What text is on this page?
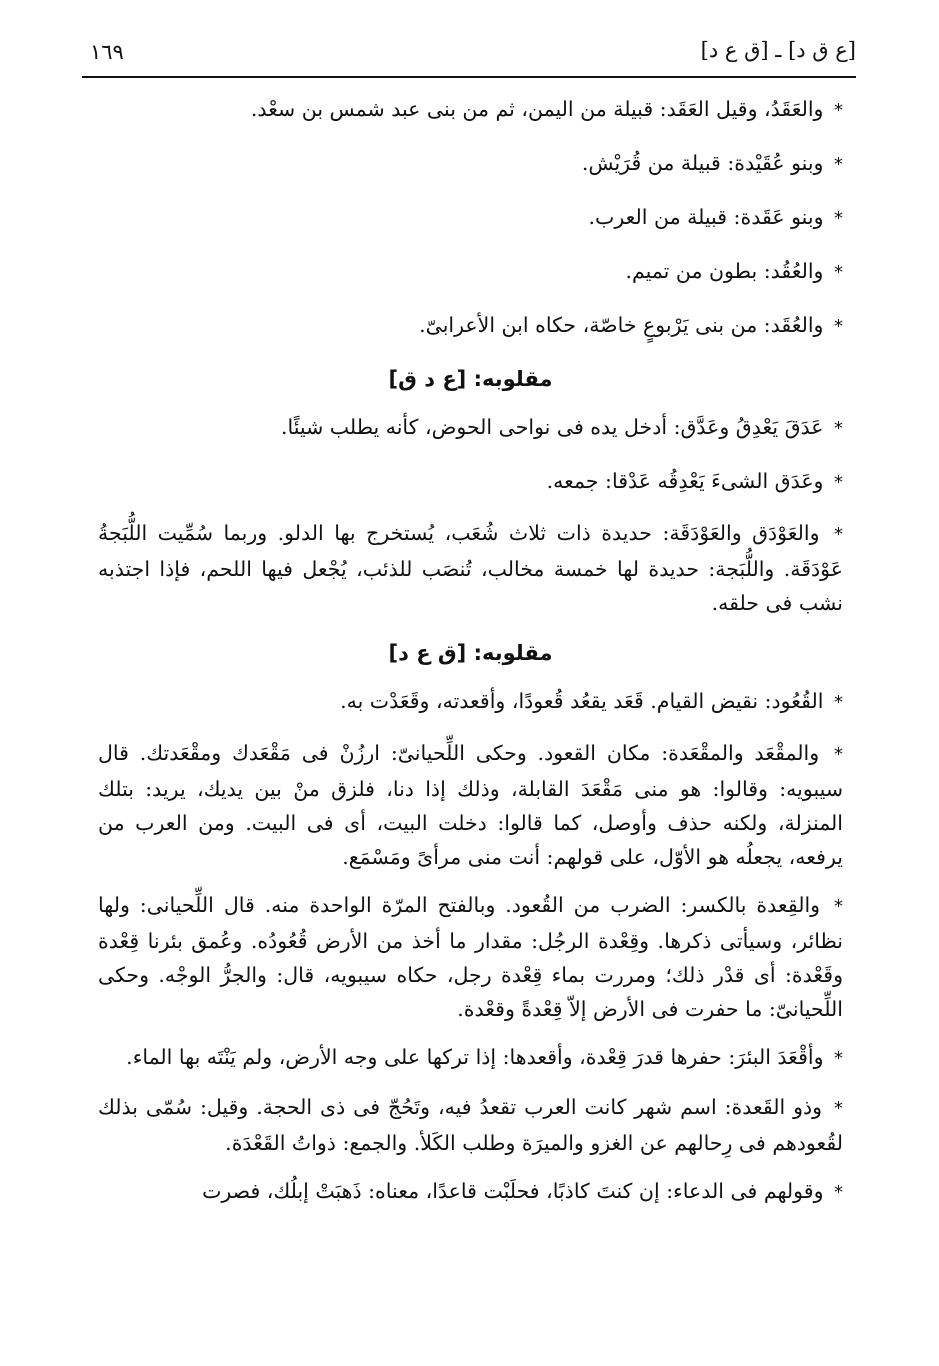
[ع ق د] ـ [ق ع د]
١٦٩

* والعَقَدُ، وقيل العَقَد: قبيلة من اليمن، ثم من بنى عبد شمس بن سعْد.

* وبنو عُقَيْدة: قبيلة من قُرَيْش.

* وبنو عَقَدة: قبيلة من العرب.

* والعُقُد: بطون من تميم.

* والعُقَد: من بنى يَرْبوعٍ خاصّة، حكاه ابن الأعرابىّ.

مقلوبه: [ع د ق]

* عَدَقَ يَعْدِقُ وعَدَّق: أدخل يده فى نواحى الحوض، كأنه يطلب شيئًا.

* وعَدَق الشىءَ يَعْدِقُه عَدْقا: جمعه.

* والعَوْدَق والعَوْدَقَة: حديدة ذات ثلاث شُعَب، يُستخرج بها الدلو. وربما سُمِّيت اللُّبَجةُ عَوْدَقَة. واللُّبَجة: حديدة لها خمسة مخالب، تُنصَب للذئب، يُجْعل فيها اللحم، فإذا اجتذبه نشب فى حلقه.

مقلوبه: [ق ع د]

* القُعُود: نقيض القيام. قَعَد يقعُد قُعودًا، وأقعدته، وقَعَدْت به.

* والمقْعَد والمقْعَدة: مكان القعود. وحكى اللِّحيانىّ: ارزُنْ فى مَقْعَدك ومقْعَدتك. قال سيبويه: وقالوا: هو منى مَقْعَدَ القابلة، وذلك إذا دنا، فلزق منْ بين يديك، يريد: بتلك المنزلة، ولكنه حذف وأوصل، كما قالوا: دخلت البيت، أى فى البيت. ومن العرب من يرفعه، يجعلُه هو الأوّل، على قولهم: أنت منى مرأىً ومَسْمَع.

* والقِعدة بالكسر: الضرب من القُعود. وبالفتح المرّة الواحدة منه. قال اللِّحيانى: ولها نظائر، وسيأتى ذكرها. وقِعْدة الرجُل: مقدار ما أخذ من الأرض قُعُودُه. وعُمق بئرنا قِعْدة وقَعْدة: أى قدْر ذلك؛ ومررت بماء قِعْدة رجل، حكاه سيبويه، قال: والجرُّ الوجْه. وحكى اللِّحيانىّ: ما حفرت فى الأرض إلاّ قِعْدةً وقعْدة.

* وأقْعَدَ البئرَ: حفرها قدرَ قِعْدة، وأقعدها: إذا تركها على وجه الأرض، ولم يَنْتَه بها الماء.

* وذو القَعدة: اسم شهر كانت العرب تقعدُ فيه، وتَحُجّ فى ذى الحجة. وقيل: سُمّى بذلك لقُعودهم فى رِحالهم عن الغزو والميرَة وطلب الكَلأ. والجمع: ذواتُ القَعْدَة.

* وقولهم فى الدعاء: إن كنتَ كاذبًا، فحلَبْت قاعدًا، معناه: ذَهبَتْ إبلُك، فصرت
